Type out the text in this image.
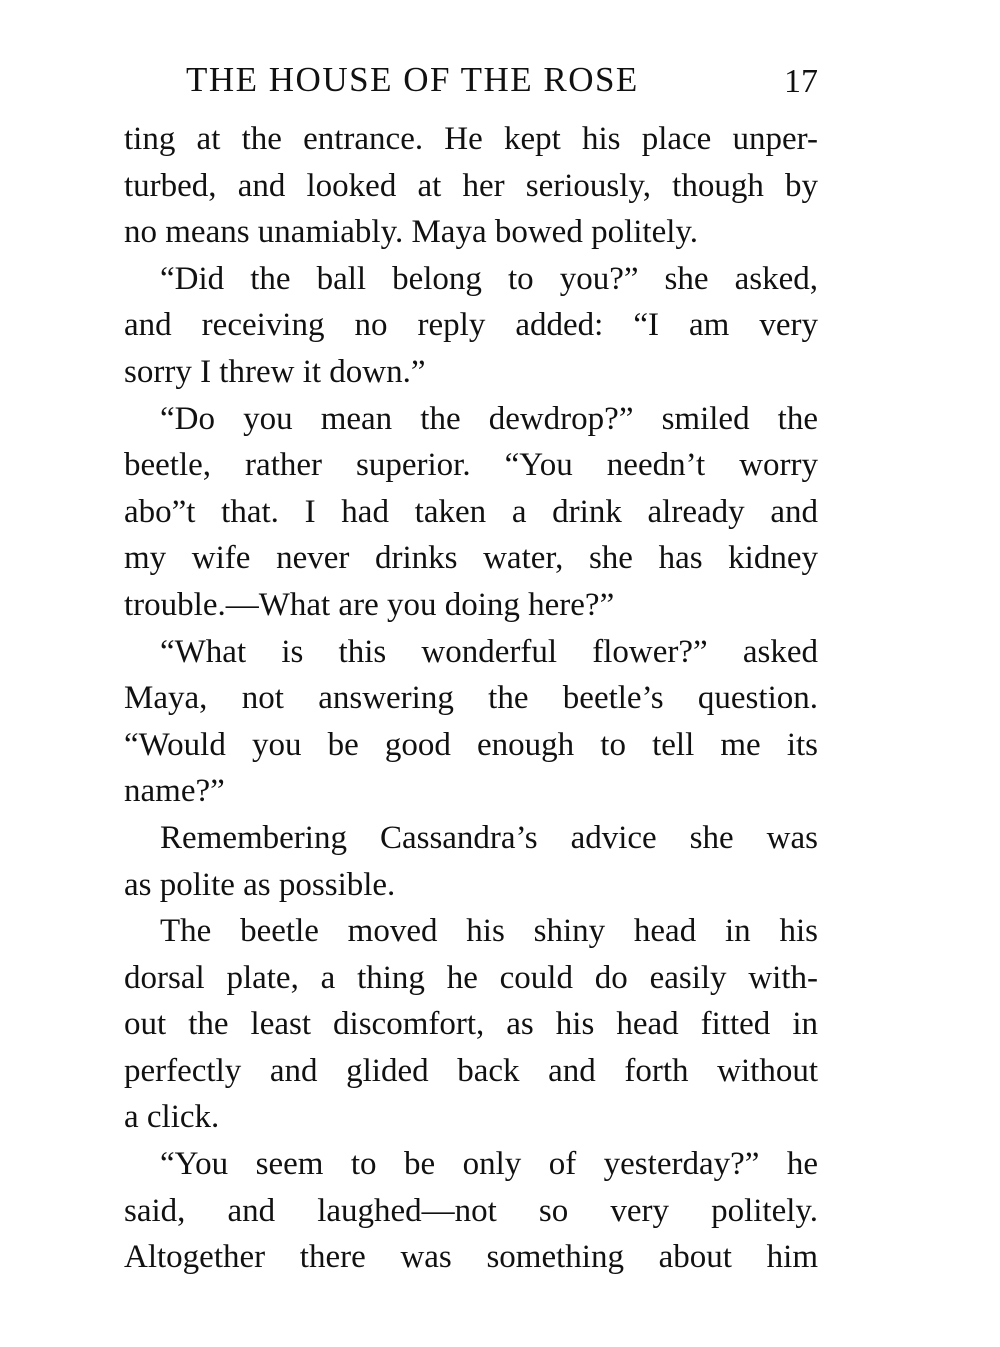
THE HOUSE OF THE ROSE	17
ting at the entrance. He kept his place unper-
turbed, and looked at her seriously, though by
no means unamiably. Maya bowed politely.
“Did the ball belong to you?” she asked,
and receiving no reply added: “I am very
sorry I threw it down.”
“Do you mean the dewdrop?” smiled the
beetle, rather superior. “You needn’t worry
abo”t that. I had taken a drink already and
my wife never drinks water, she has kidney
trouble.—What are you doing here?”
“What is this wonderful flower?” asked
Maya, not answering the beetle’s question.
“Would you be good enough to tell me its
name?”
Remembering Cassandra’s advice she was
as polite as possible.
The beetle moved his shiny head in his
dorsal plate, a thing he could do easily with-
out the least discomfort, as his head fitted in
perfectly and glided back and forth without
a click.
“You seem to be only of yesterday?” he
said, and laughed—not so very politely.
Altogether there was something about him
